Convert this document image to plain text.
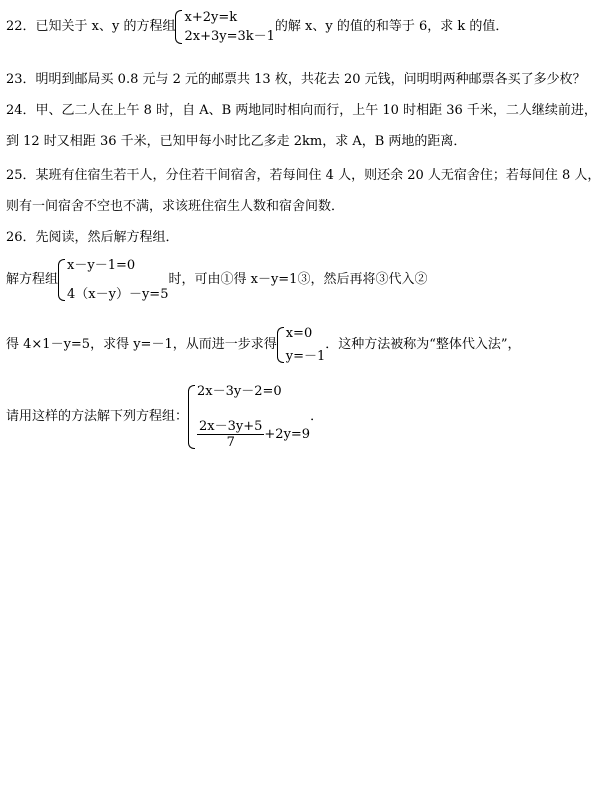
22．已知关于 x、y 的方程组
x+2y=k
2x+3y=3k－1
的解 x、y 的值的和等于 6，求 k 的值．
23．明明到邮局买 0.8 元与 2 元的邮票共 13 枚，共花去 20 元钱，问明明两种邮票各买了多少枚？
24．甲、乙二人在上午 8 时，自 A、B 两地同时相向而行，上午 10 时相距 36 千米，二人继续前进，
到 12 时又相距 36 千米，已知甲每小时比乙多走 2km，求 A，B 两地的距离．
25．某班有住宿生若干人，分住若干间宿舍，若每间住 4 人，则还余 20 人无宿舍住；若每间住 8 人，
则有一间宿舍不空也不满，求该班住宿生人数和宿舍间数．
26．先阅读，然后解方程组．
解方程组
x－y－1=0
4（x－y）－y=5
时，可由①得 x－y=1③，然后再将③代入②
得 4×1－y=5，求得 y=－1，从而进一步求得
x=0
y=－1
．这种方法被称为“整体代入法”，
请用这样的方法解下列方程组：
2x－3y－2=0
$\frac{2x-3y+5}{7} +2y=9$
．
